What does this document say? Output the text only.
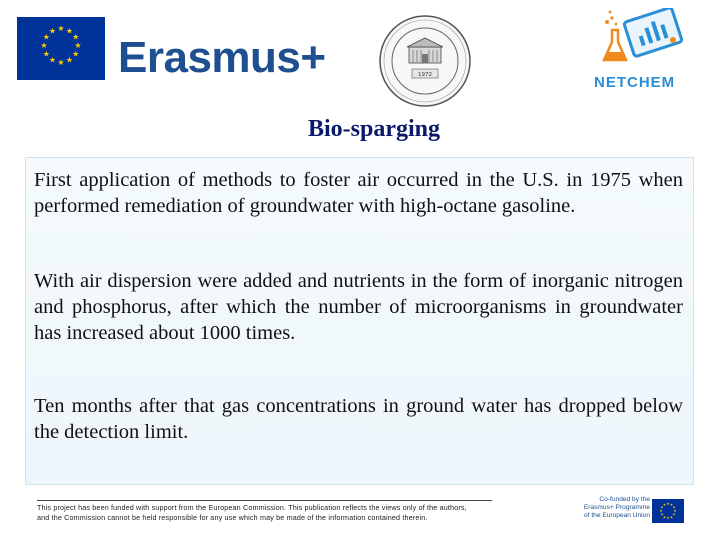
★ ★
★
★
★
★
★
★
★
★
★
★
Erasmus+	1972	NETCHEM
Bio-sparging

First application of methods to foster air occurred in the U.S. in 1975 when performed remediation of groundwater with high-octane gasoline.

With air dispersion were added and nutrients in the form of inorganic nitrogen and phosphorus, after which the number of microorganisms in groundwater has increased about 1000 times.

Ten months after that gas concentrations in ground water has dropped below the detection limit.

This project has been funded with support from the European Commission. This publication reflects the views only of the authors,
and the Commission cannot be held responsible for any use which may be made of the information contained therein.
Co-funded by the
Erasmus+ Programme
of the European Union
★ ★
★
★
★
★
★
★
★
★
★
★
